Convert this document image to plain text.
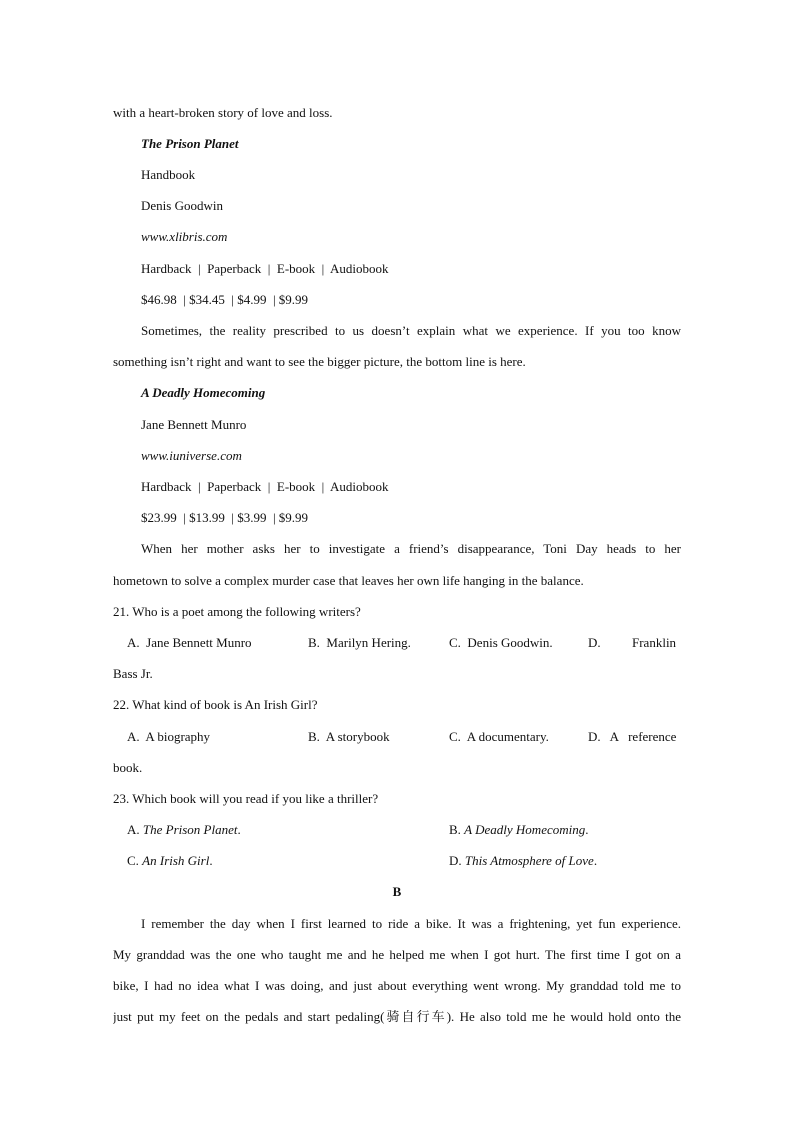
with a heart-broken story of love and loss.
The Prison Planet
Handbook
Denis Goodwin
www.xlibris.com
Hardback  |  Paperback  |  E-book  |  Audiobook
$46.98  | $34.45  | $4.99  | $9.99
Sometimes, the reality prescribed to us doesn’t explain what we experience. If you too know
something isn’t right and want to see the bigger picture, the bottom line is here.
A Deadly Homecoming
Jane Bennett Munro
www.iuniverse.com
Hardback  |  Paperback  |  E-book  |  Audiobook
$23.99  | $13.99  | $3.99  | $9.99
When her mother asks her to investigate a friend’s disappearance, Toni Day heads to her
hometown to solve a complex murder case that leaves her own life hanging in the balance.
21. Who is a poet among the following writers?
A.  Jane Bennett Munro	B.  Marilyn Hering.	C.  Denis Goodwin.	D. Franklin
Bass Jr.
22. What kind of book is An Irish Girl?
A.  A biography	B.  A storybook	C.  A documentary.	D.   A   reference
book.
23. Which book will you read if you like a thriller?
A. The Prison Planet.	B. A Deadly Homecoming.
C. An Irish Girl.	D. This Atmosphere of Love.
B
I remember the day when I first learned to ride a bike. It was a frightening, yet fun experience.
My granddad was the one who taught me and he helped me when I got hurt. The first time I got on a
bike, I had no idea what I was doing, and just about everything went wrong. My granddad told me to
just put my feet on the pedals and start pedaling(骑自行车). He also told me he would hold onto the
